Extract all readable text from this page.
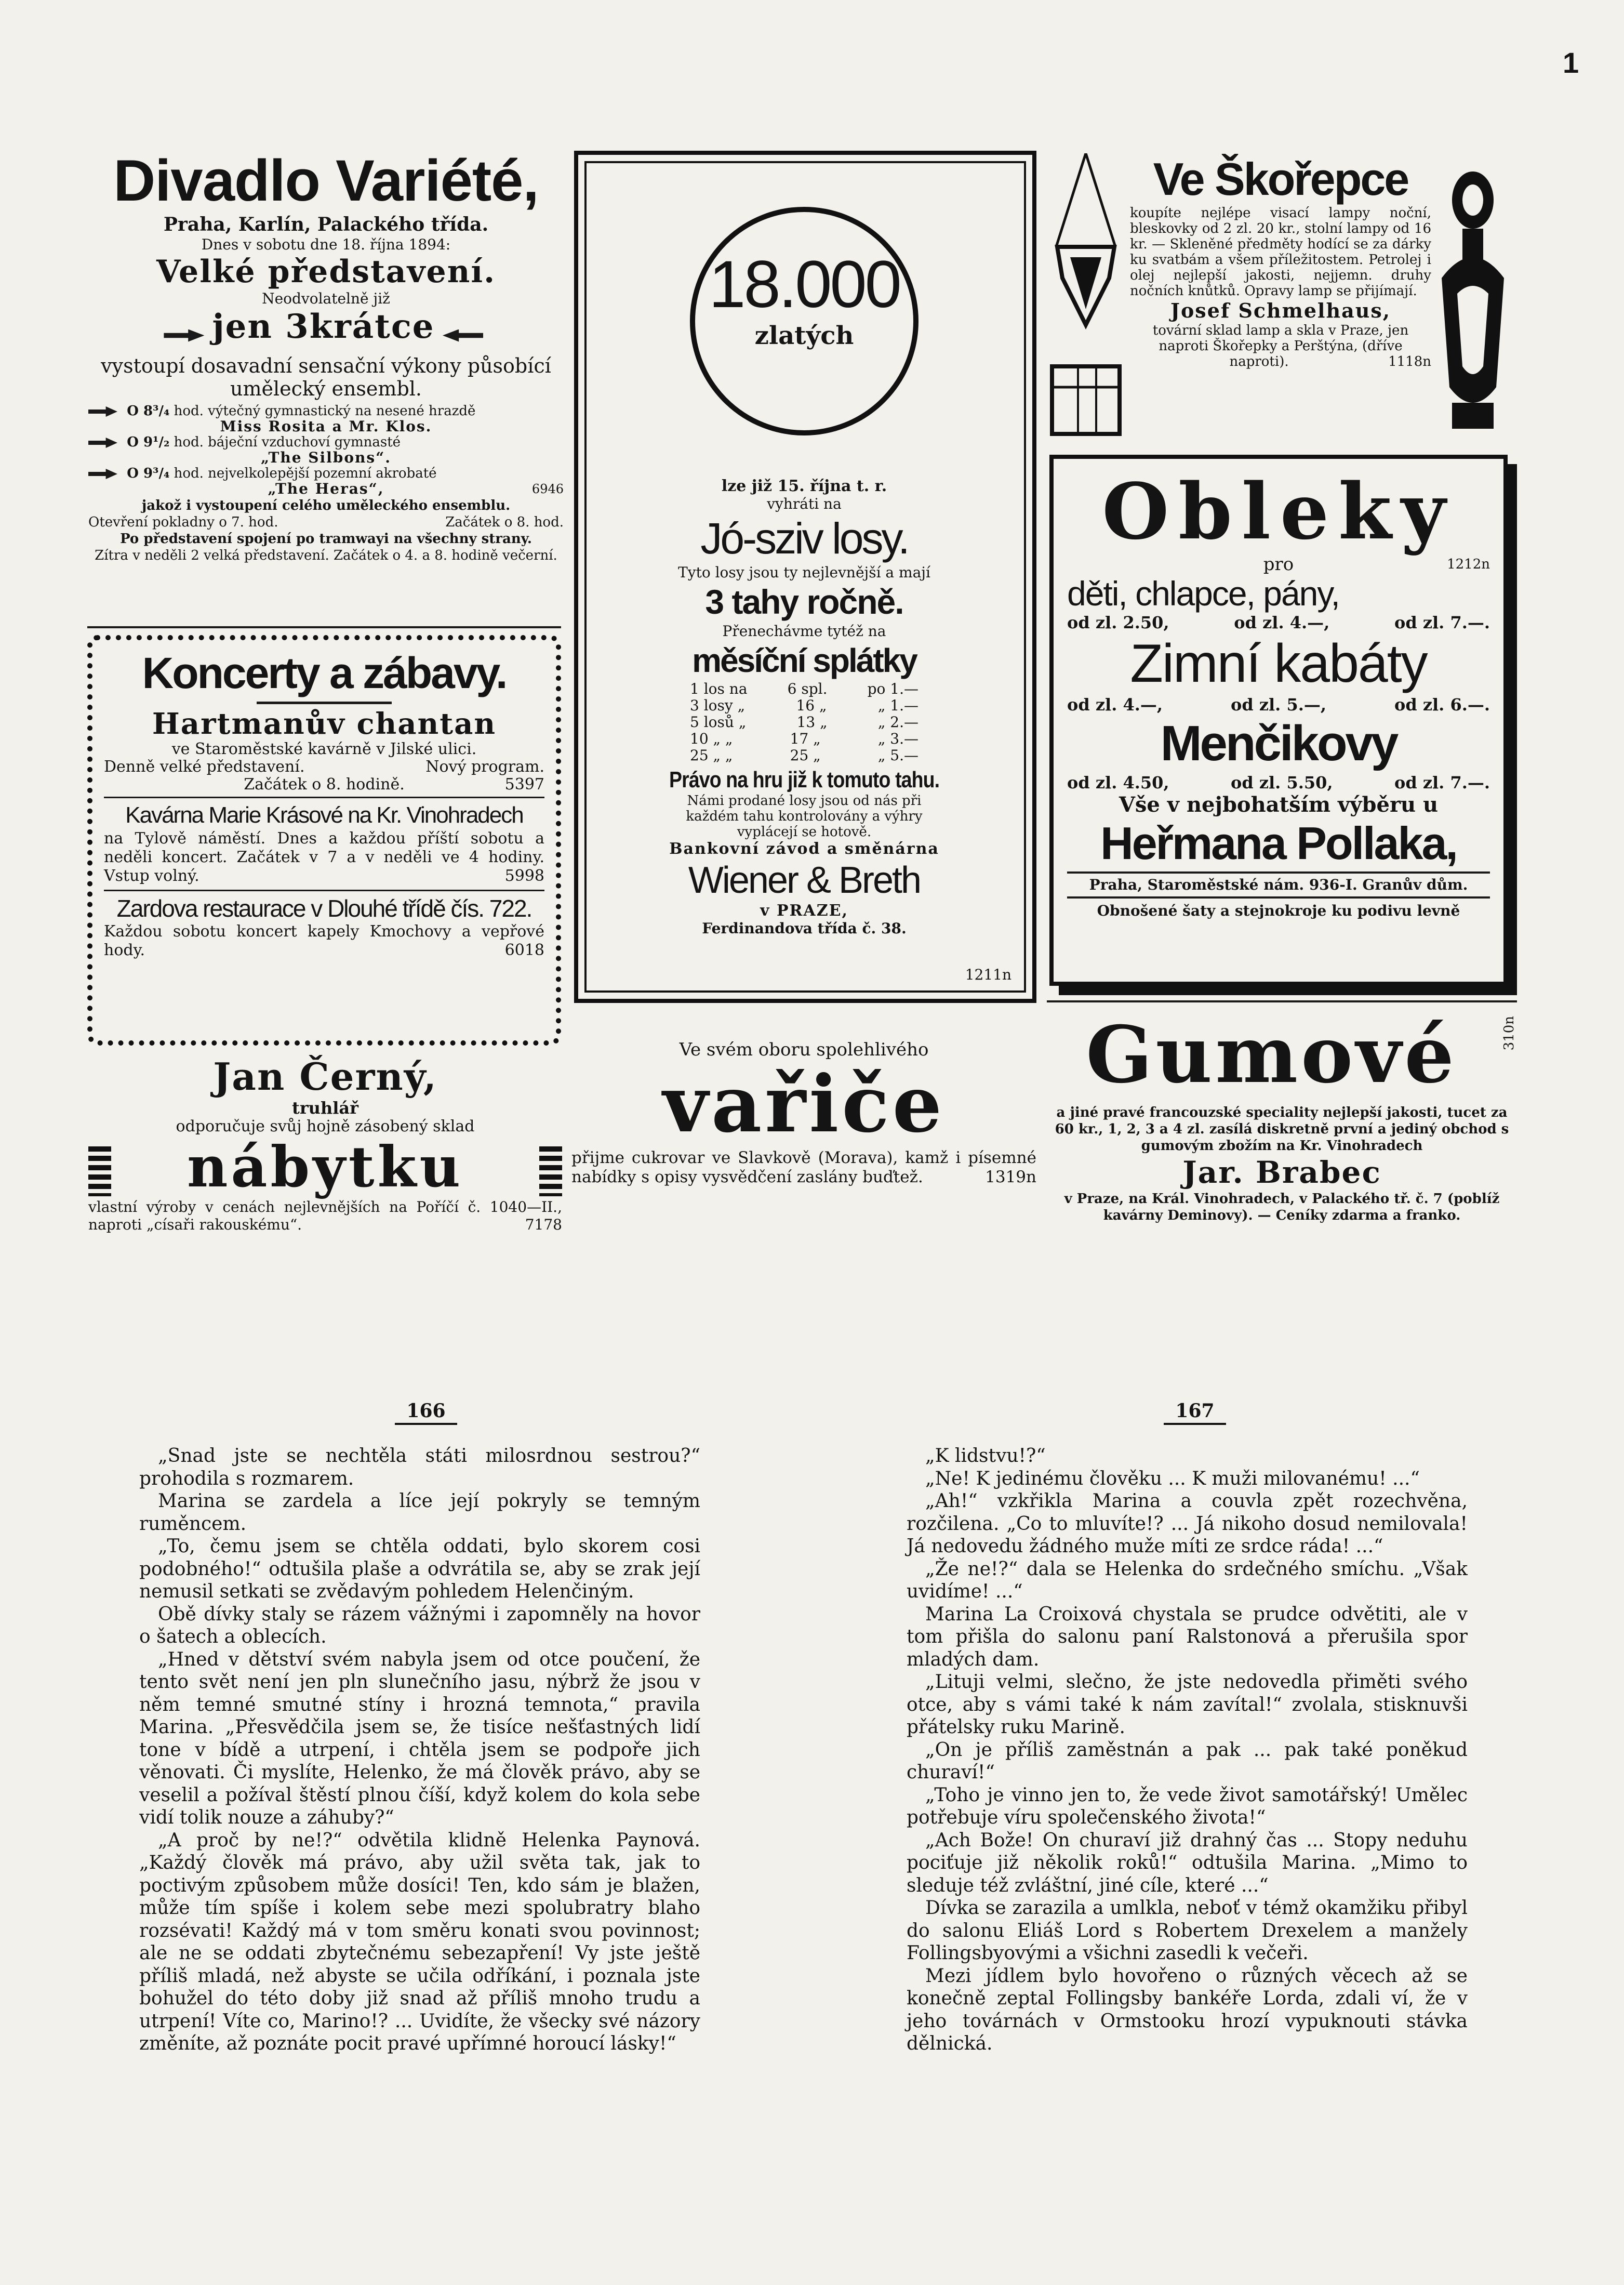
1
Divadlo Variété,
Praha, Karlín, Palackého třída.
Dnes v sobotu dne 18. října 1894:
Velké představení.
Neodvolatelně již
jen 3krátce
vystoupí dosavadní sensační výkony působící umělecký ensembl.
O 8³/₄ hod. výtečný gymnastický na nesené hrazdě
Miss Rosita a Mr. Klos.
O 9¹/₂ hod. báječní vzduchoví gymnasté
„The Silbons“.
O 9³/₄ hod. nejvelkolepější pozemní akrobaté
„The Heras“,	6946
jakož i vystoupení celého uměleckého ensemblu.
Otevření pokladny o 7. hod.	Začátek o 8. hod.
Po představení spojení po tramwayi na všechny strany.
Zítra v neděli 2 velká představení. Začátek o 4. a 8. hodině večerní.
Koncerty a zábavy.
Hartmanův chantan
ve Staroměstské kavárně v Jilské ulici.
Denně velké představení.	Nový program.
Začátek o 8. hodině.	5397
Kavárna Marie Krásové na Kr. Vinohradech
na Tylově náměstí. Dnes a každou příští sobotu a neděli koncert. Začátek v 7 a v neděli ve 4 hodiny. Vstup volný.	5998
Zardova restaurace v Dlouhé třídě čís. 722.
Každou sobotu koncert kapely Kmochovy a vepřové hody.	6018
Jan Černý,
truhlář
odporučuje svůj hojně zásobený sklad
nábytku
vlastní výroby v cenách nejlevnějších na Poříčí č. 1040—II., naproti „císaři rakouskému“.	7178
18.000
zlatých
lze již 15. října t. r.
vyhráti na
Jó-sziv losy.
Tyto losy jsou ty nejlevnější a mají
3 tahy ročně.
Přenechávme tytéž na
měsíční splátky
1 los na	6 spl.	po 1.—
3 losy „	16 „	„ 1.—
5 losů „	13 „	„ 2.—
10 „ „	17 „	„ 3.—
25 „ „	25 „	„ 5.—
Právo na hru již k tomuto tahu.
Námi prodané losy jsou od nás při každém tahu kontrolovány a výhry vyplácejí se hotově.
Bankovní závod a směnárna
Wiener & Breth
v PRAZE,
Ferdinandova třída č. 38.
1211n
Ve svém oboru spolehlivého
vařiče
přijme cukrovar ve Slavkově (Morava), kamž i písemné nabídky s opisy vysvědčení zaslány buďtež.	1319n
Ve Škořepce
koupíte nejlépe visací lampy noční, bleskovky od 2 zl. 20 kr., stolní lampy od 16 kr. — Skleněné předměty hodící se za dárky ku svatbám a všem příležitostem. Petrolej i olej nejlepší jakosti, nejjemn. druhy nočních knůtků. Opravy lamp se přijímají.
Josef Schmelhaus,
tovární sklad lamp a skla v Praze, jen naproti Škořepky a Perštýna, (dříve naproti).	1118n
Obleky
pro	1212n
děti, chlapce, pány,
od zl. 2.50,	od zl. 4.—,	od zl. 7.—.
Zimní kabáty
od zl. 4.—,	od zl. 5.—,	od zl. 6.—.
Menčikovy
od zl. 4.50,	od zl. 5.50,	od zl. 7.—.
Vše v nejbohatším výběru u
Heřmana Pollaka,
Praha, Staroměstské nám. 936-I. Granův dům.
Obnošené šaty a stejnokroje ku podivu levně
Gumové	310n
a jiné pravé francouzské speciality nejlepší jakosti, tucet za 60 kr., 1, 2, 3 a 4 zl. zasílá diskretně první a jediný obchod s gumovým zbožím na Kr. Vinohradech
Jar. Brabec
v Praze, na Král. Vinohradech, v Palackého tř. č. 7 (poblíž kavárny Deminovy). — Ceníky zdarma a franko.
166	167

„Snad jste se nechtěla státi milosrdnou sestrou?“ prohodila s rozmarem.

Marina se zardela a líce její pokryly se temným ruměncem.

„To, čemu jsem se chtěla oddati, bylo skorem cosi podobného!“ odtušila plaše a odvrátila se, aby se zrak její nemusil setkati se zvědavým pohledem Helenčiným.

Obě dívky staly se rázem vážnými i zapomněly na hovor o šatech a oblecích.

„Hned v dětství svém nabyla jsem od otce poučení, že tento svět není jen pln slunečního jasu, nýbrž že jsou v něm temné smutné stíny i hrozná temnota,“ pravila Marina. „Přesvědčila jsem se, že tisíce nešťastných lidí tone v bídě a utrpení, i chtěla jsem se podpoře jich věnovati. Či myslíte, Helenko, že má člověk právo, aby se veselil a požíval štěstí plnou číší, když kolem do kola sebe vidí tolik nouze a záhuby?“

„A proč by ne!?“ odvětila klidně Helenka Paynová. „Každý člověk má právo, aby užil světa tak, jak to poctivým způsobem může dosíci! Ten, kdo sám je blažen, může tím spíše i kolem sebe mezi spolubratry blaho rozsévati! Každý má v tom směru konati svou povinnost; ale ne se oddati zbytečnému sebezapření! Vy jste ještě příliš mladá, než abyste se učila odříkání, i poznala jste bohužel do této doby již snad až příliš mnoho trudu a utrpení! Víte co, Marino!? ... Uvidíte, že všecky své názory změníte, až poznáte pocit pravé upřímné horoucí lásky!“

„K lidstvu!?“

„Ne! K jedinému člověku ... K muži milovanému! ...“

„Ah!“ vzkřikla Marina a couvla zpět rozechvěna, rozčilena. „Co to mluvíte!? ... Já nikoho dosud nemilovala! Já nedovedu žádného muže míti ze srdce ráda! ...“

„Že ne!?“ dala se Helenka do srdečného smíchu. „Však uvidíme! ...“

Marina La Croixová chystala se prudce odvětiti, ale v tom přišla do salonu paní Ralstonová a přerušila spor mladých dam.

„Lituji velmi, slečno, že jste nedovedla přiměti svého otce, aby s vámi také k nám zavítal!“ zvolala, stisknuvši přátelsky ruku Marině.

„On je příliš zaměstnán a pak ... pak také poněkud churaví!“

„Toho je vinno jen to, že vede život samotářský! Umělec potřebuje víru společenského života!“

„Ach Bože! On churaví již drahný čas ... Stopy neduhu pociťuje již několik roků!“ odtušila Marina. „Mimo to sleduje též zvláštní, jiné cíle, které ...“

Dívka se zarazila a umlkla, neboť v témž okamžiku přibyl do salonu Eliáš Lord s Robertem Drexelem a manžely Follingsbyovými a všichni zasedli k večeři.

Mezi jídlem bylo hovořeno o různých věcech až se konečně zeptal Follingsby bankéře Lorda, zdali ví, že v jeho továrnách v Ormstooku hrozí vypuknouti stávka dělnická.
